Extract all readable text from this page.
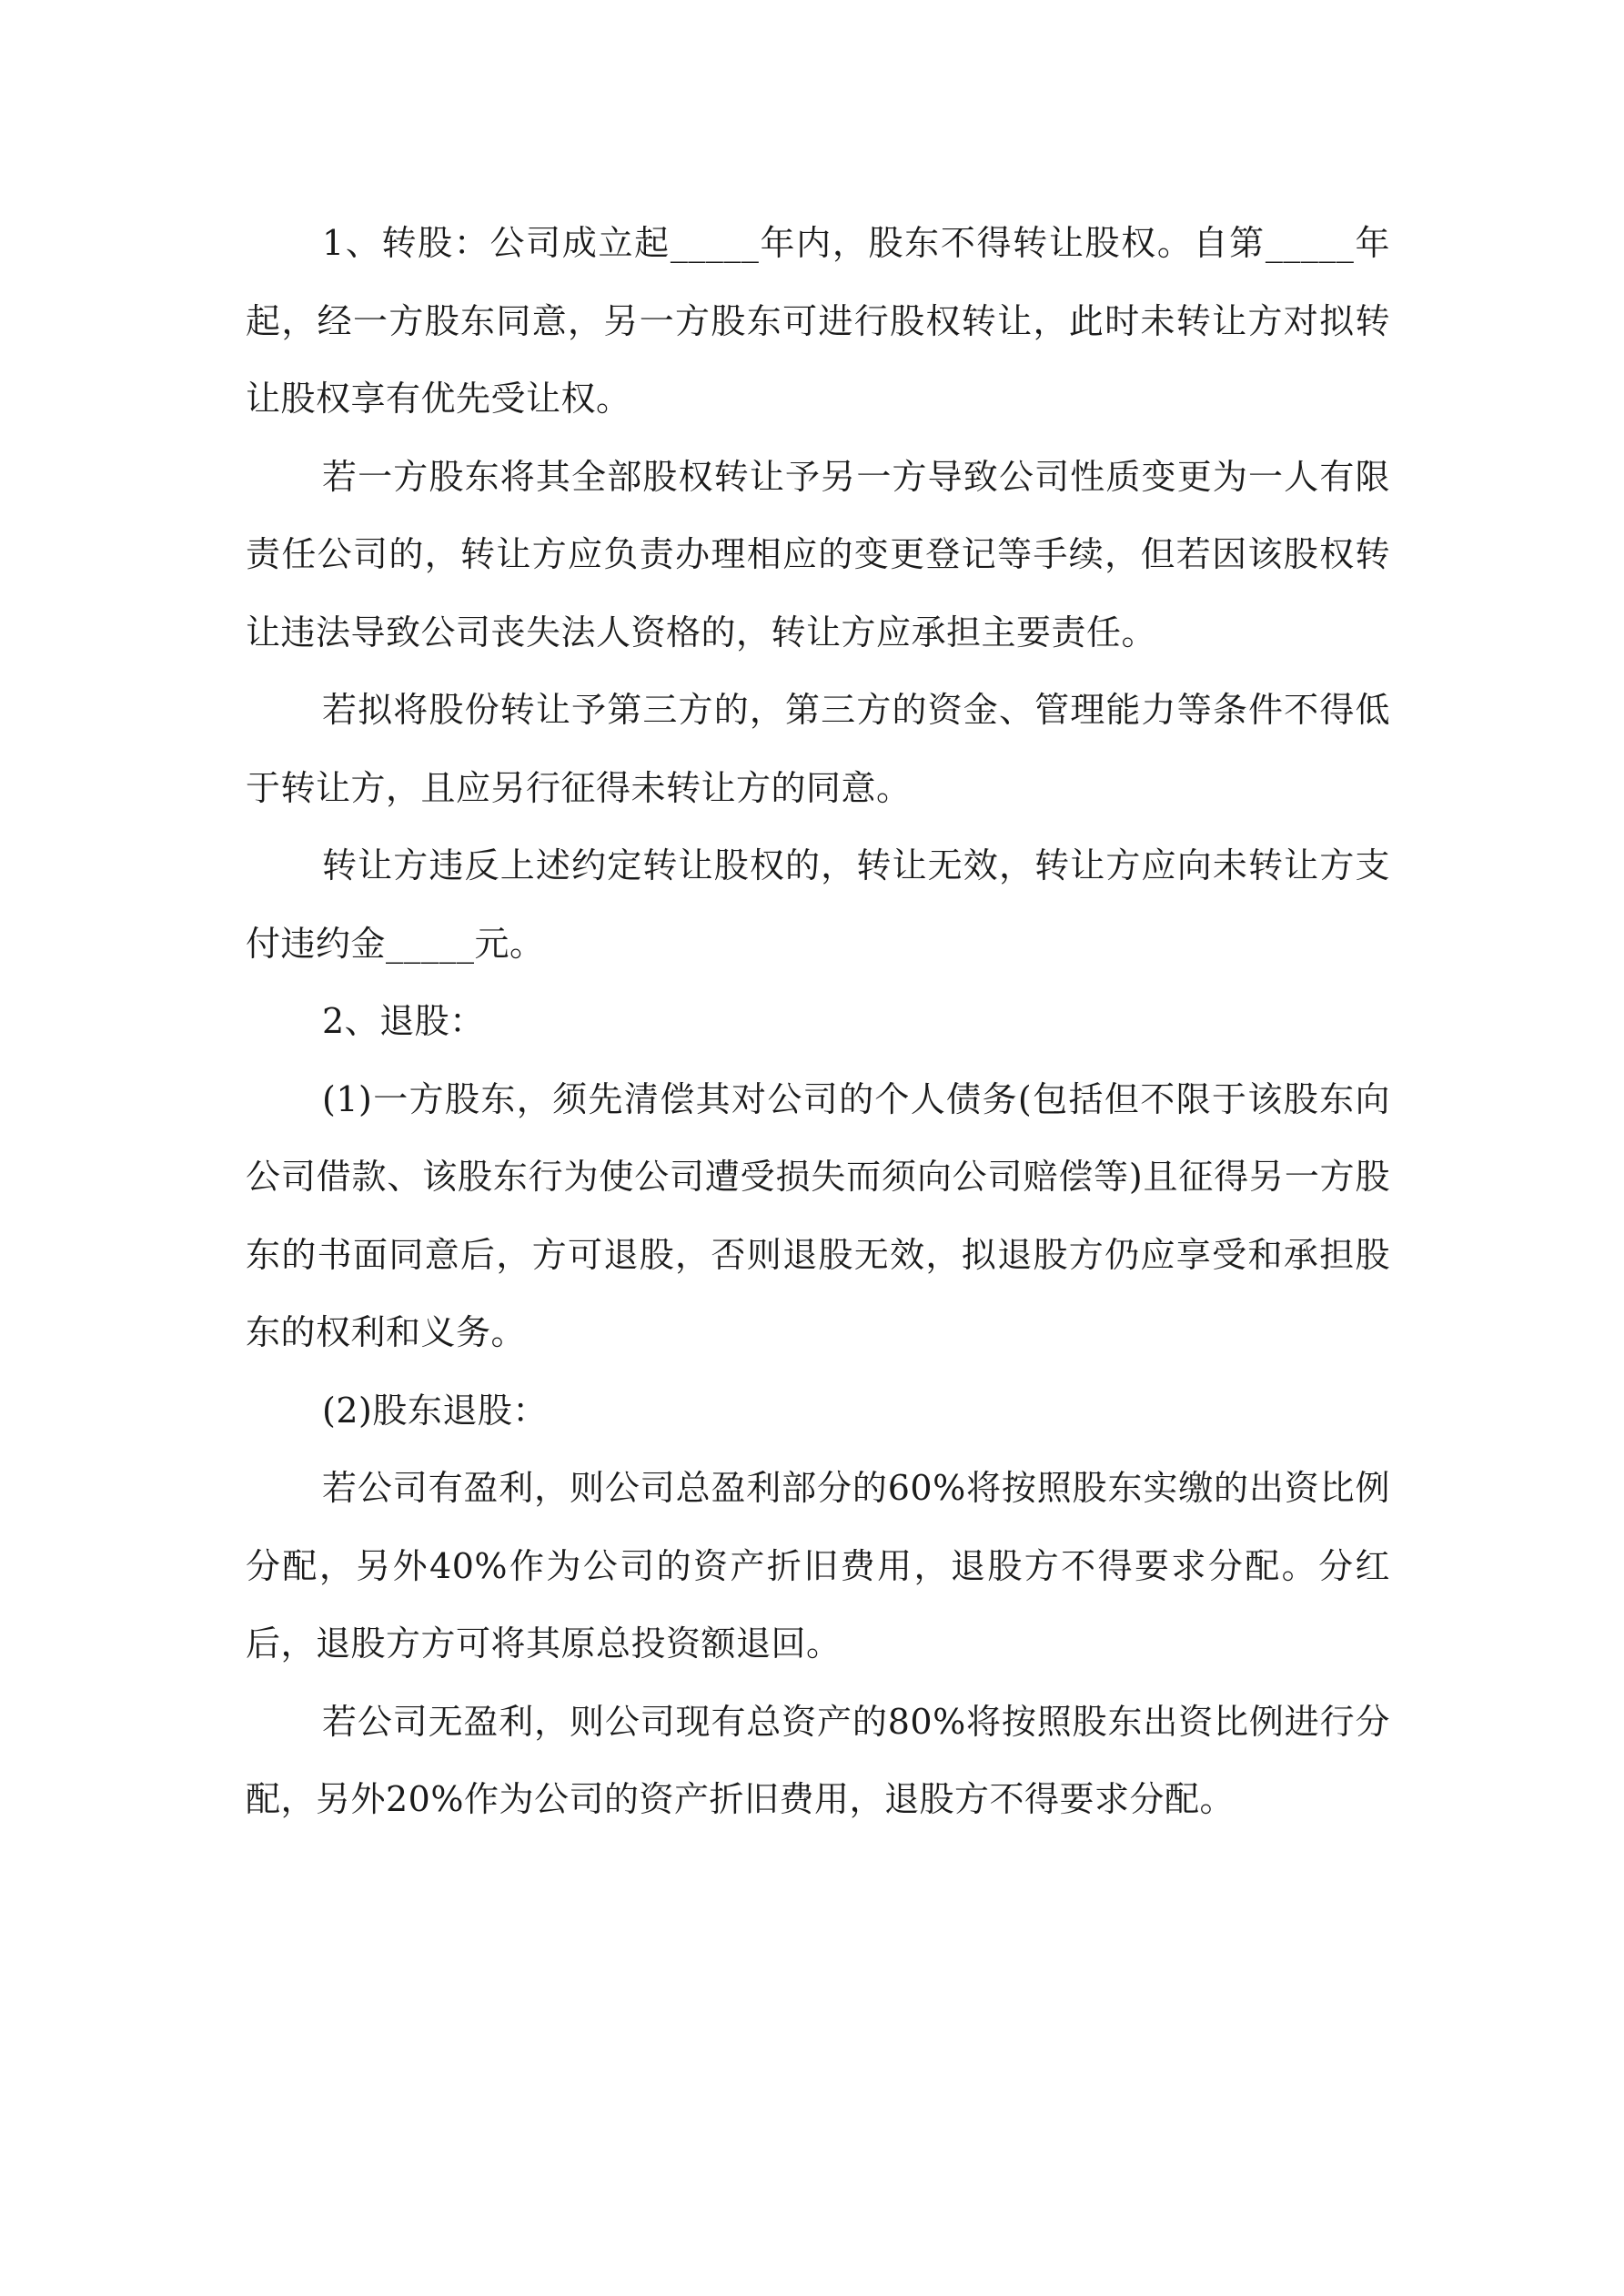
1、转股：公司成立起_____年内，股东不得转让股权。自第_____年起，经一方股东同意，另一方股东可进行股权转让，此时未转让方对拟转让股权享有优先受让权。

若一方股东将其全部股权转让予另一方导致公司性质变更为一人有限责任公司的，转让方应负责办理相应的变更登记等手续，但若因该股权转让违法导致公司丧失法人资格的，转让方应承担主要责任。

若拟将股份转让予第三方的，第三方的资金、管理能力等条件不得低于转让方，且应另行征得未转让方的同意。

转让方违反上述约定转让股权的，转让无效，转让方应向未转让方支付违约金_____元。

2、退股：

(1)一方股东，须先清偿其对公司的个人债务(包括但不限于该股东向公司借款、该股东行为使公司遭受损失而须向公司赔偿等)且征得另一方股东的书面同意后，方可退股，否则退股无效，拟退股方仍应享受和承担股东的权利和义务。

(2)股东退股：

若公司有盈利，则公司总盈利部分的60%将按照股东实缴的出资比例分配，另外40%作为公司的资产折旧费用，退股方不得要求分配。分红后，退股方方可将其原总投资额退回。

若公司无盈利，则公司现有总资产的80%将按照股东出资比例进行分配，另外20%作为公司的资产折旧费用，退股方不得要求分配。
